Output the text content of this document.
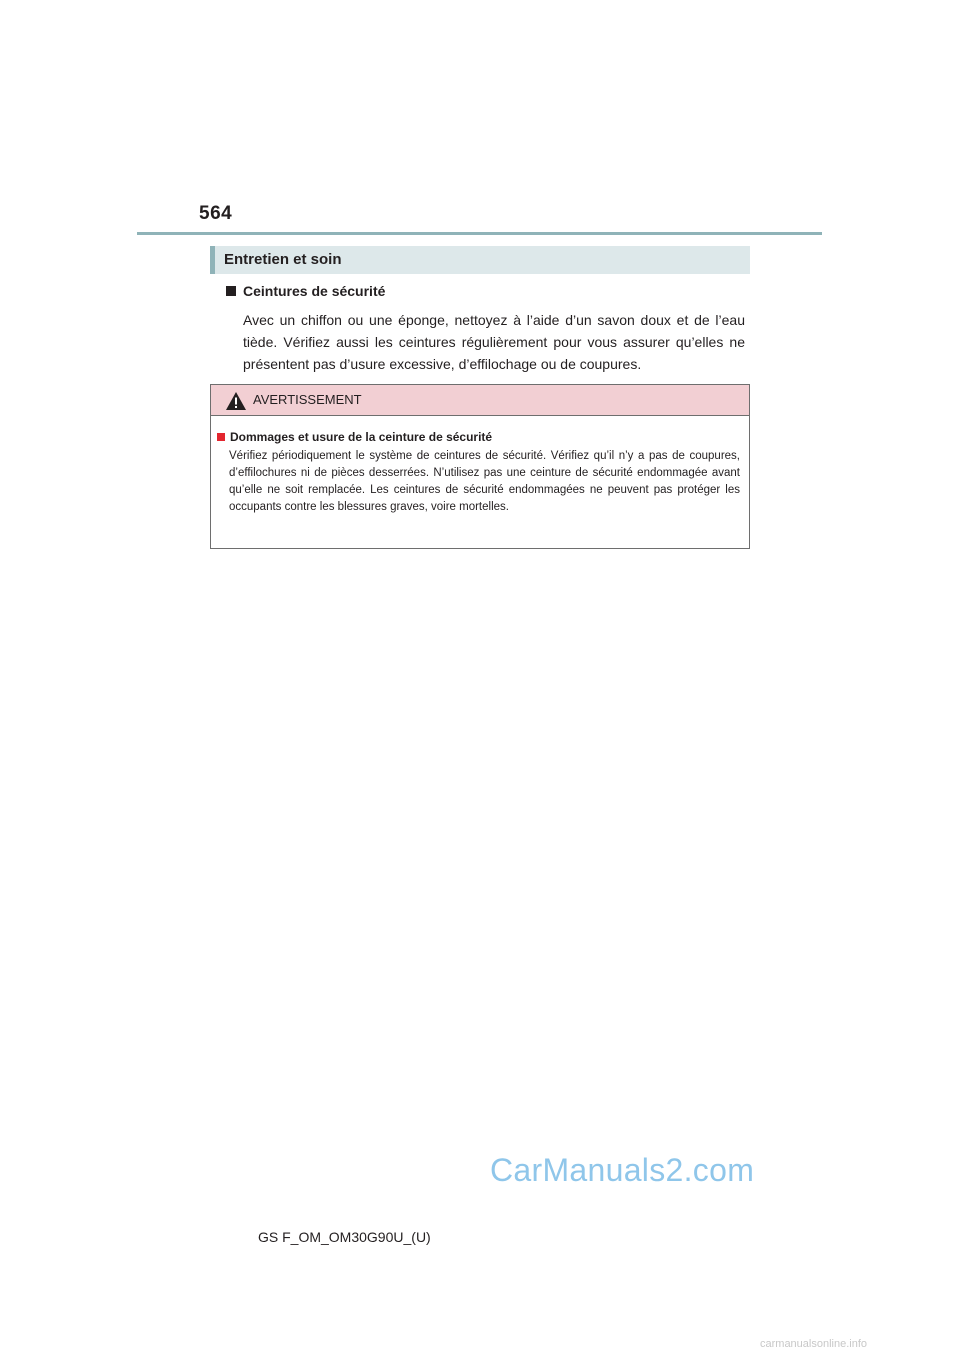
564
Entretien et soin
Ceintures de sécurité
Avec un chiffon ou une éponge, nettoyez à l’aide d’un savon doux et de l’eau tiède. Vérifiez aussi les ceintures régulièrement pour vous assurer qu’elles ne présentent pas d’usure excessive, d’effilochage ou de coupures.
AVERTISSEMENT
Dommages et usure de la ceinture de sécurité
Vérifiez périodiquement le système de ceintures de sécurité. Vérifiez qu’il n’y a pas de coupures, d’effilochures ni de pièces desserrées. N’utilisez pas une ceinture de sécurité endommagée avant qu’elle ne soit remplacée. Les ceintures de sécurité endommagées ne peuvent pas protéger les occupants contre les blessures graves, voire mortelles.
CarManuals2.com
GS F_OM_OM30G90U_(U)
carmanualsonline.info
